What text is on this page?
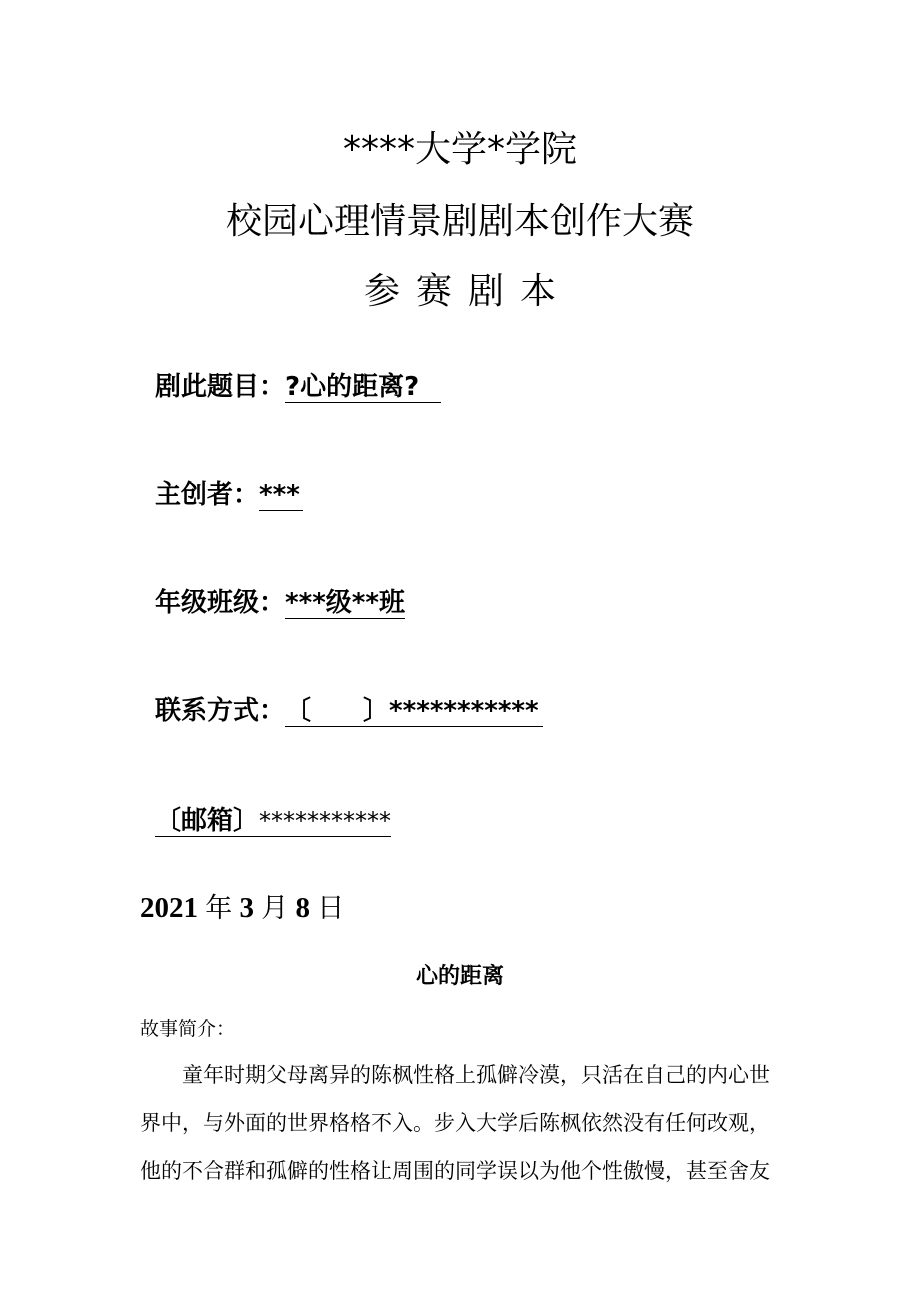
****大学*学院
校园心理情景剧剧本创作大赛
参赛剧本
剧此题目：?心的距离?
主创者：***
年级班级：***级**班
联系方式：〔 〕***********
〔邮箱〕***********
2021 年 3 月 8 日
心的距离
故事简介：
童年时期父母离异的陈枫性格上孤僻冷漠，只活在自己的内心世
界中，与外面的世界格格不入。步入大学后陈枫依然没有任何改观，
他的不合群和孤僻的性格让周围的同学误以为他个性傲慢，甚至舍友
